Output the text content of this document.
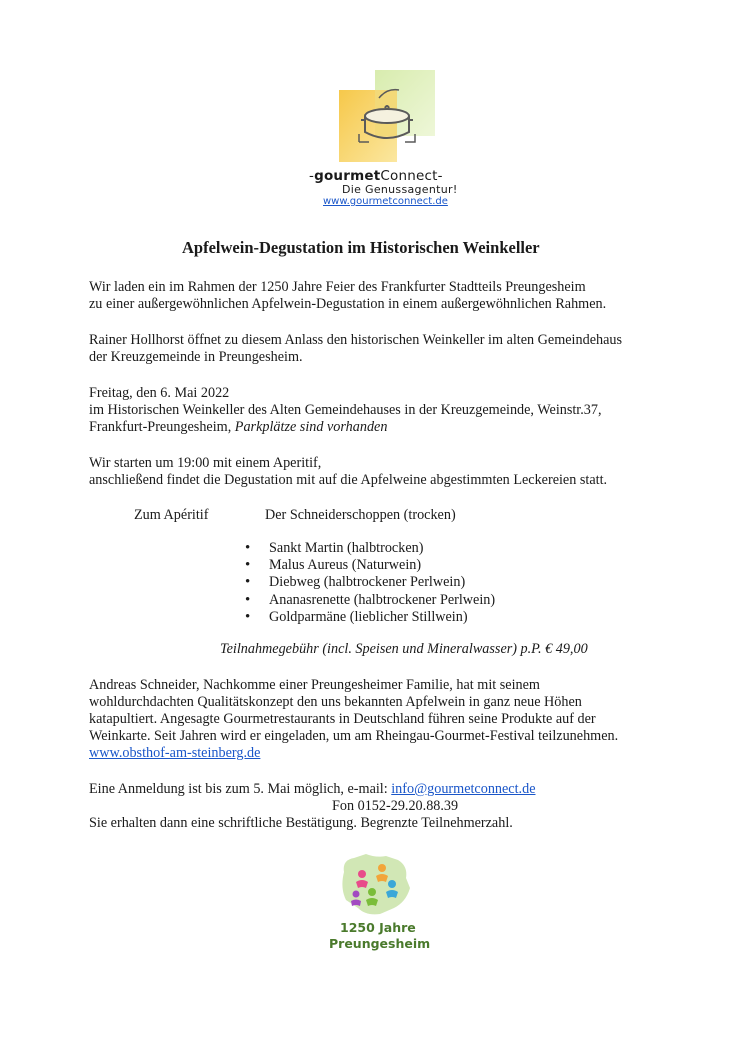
-gourmetConnect-
Die Genussagentur!
www.gourmetconnect.de
Apfelwein-Degustation im Historischen Weinkeller
Wir laden ein im Rahmen der 1250 Jahre Feier des Frankfurter Stadtteils Preungesheim
zu einer außergewöhnlichen Apfelwein-Degustation in einem außergewöhnlichen Rahmen.
Rainer Hollhorst öffnet zu diesem Anlass den historischen Weinkeller im alten Gemeindehaus
der Kreuzgemeinde in Preungesheim.
Freitag, den 6. Mai 2022
im Historischen Weinkeller des Alten Gemeindehauses in der Kreuzgemeinde, Weinstr.37,
Frankfurt-Preungesheim, Parkplätze sind vorhanden
Wir starten um 19:00 mit einem Aperitif,
anschließend findet die Degustation mit auf die Apfelweine abgestimmten Leckereien statt.
Zum Apéritif	Der Schneiderschoppen (trocken)
• Sankt Martin (halbtrocken)
• Malus Aureus (Naturwein)
• Diebweg (halbtrockener Perlwein)
• Ananasrenette (halbtrockener Perlwein)
• Goldparmäne (lieblicher Stillwein)
Teilnahmegebühr (incl. Speisen und Mineralwasser) p.P. € 49,00
Andreas Schneider, Nachkomme einer Preungesheimer Familie, hat mit seinem
wohldurchdachten Qualitätskonzept den uns bekannten Apfelwein in ganz neue Höhen
katapultiert. Angesagte Gourmetrestaurants in Deutschland führen seine Produkte auf der
Weinkarte. Seit Jahren wird er eingeladen, um am Rheingau-Gourmet-Festival teilzunehmen.
www.obsthof-am-steinberg.de
Eine Anmeldung ist bis zum 5. Mai möglich, e-mail: info@gourmetconnect.de
Fon 0152-29.20.88.39
Sie erhalten dann eine schriftliche Bestätigung. Begrenzte Teilnehmerzahl.
1250 Jahre
Preungesheim
